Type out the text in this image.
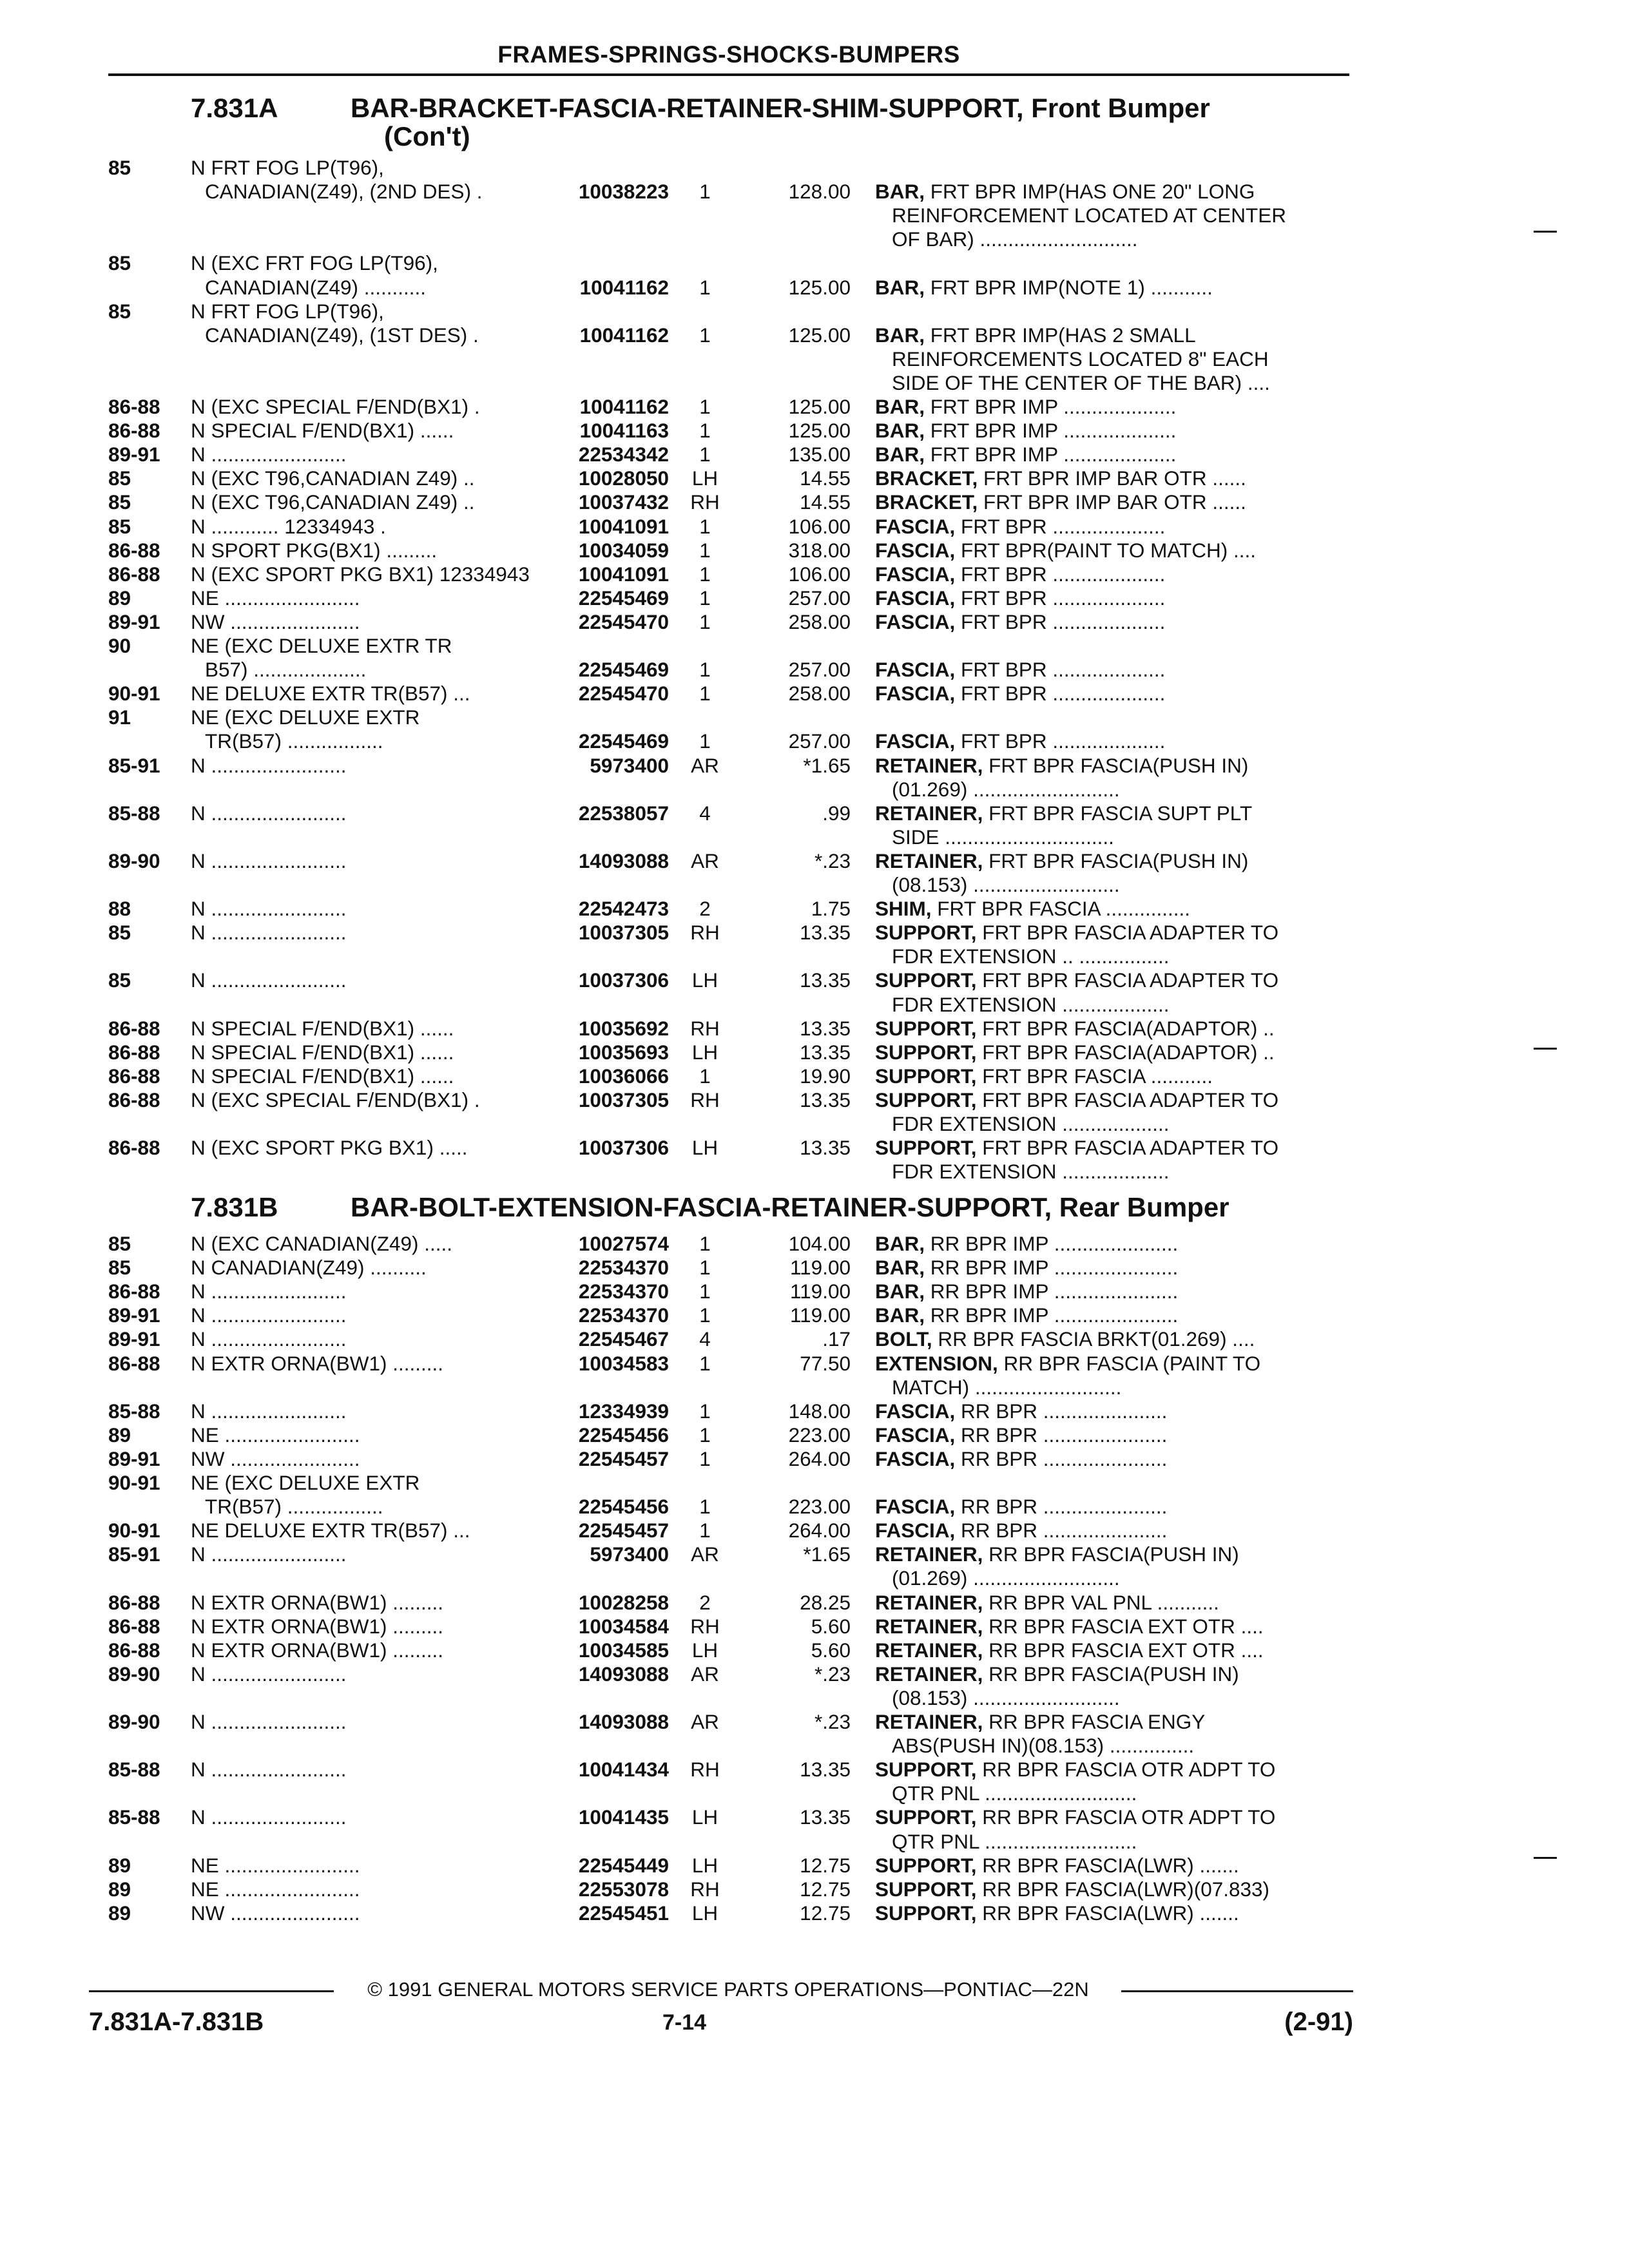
FRAMES-SPRINGS-SHOCKS-BUMPERS
7.831A	BAR-BRACKET-FASCIA-RETAINER-SHIM-SUPPORT, Front Bumper
(Con't)
85	N FRT FOG LP(T96),
CANADIAN(Z49), (2ND DES) .	10038223	1	128.00 BAR, FRT BPR IMP(HAS ONE 20" LONG
REINFORCEMENT LOCATED AT CENTER
OF BAR) ............................
85	N (EXC FRT FOG LP(T96),
CANADIAN(Z49) ...........	10041162	1	125.00 BAR, FRT BPR IMP(NOTE 1) ...........
85	N FRT FOG LP(T96),
CANADIAN(Z49), (1ST DES) .	10041162	1	125.00 BAR, FRT BPR IMP(HAS 2 SMALL
REINFORCEMENTS LOCATED 8" EACH
SIDE OF THE CENTER OF THE BAR) ....
86-88 N (EXC SPECIAL F/END(BX1) .	10041162	1	125.00 BAR, FRT BPR IMP ....................
86-88 N SPECIAL F/END(BX1) ......	10041163	1	125.00 BAR, FRT BPR IMP ....................
89-91 N ........................	22534342	1	135.00 BAR, FRT BPR IMP ....................
85	N (EXC T96,CANADIAN Z49) ..	10028050	LH	14.55 BRACKET, FRT BPR IMP BAR OTR ......
85	N (EXC T96,CANADIAN Z49) ..	10037432 RH	14.55 BRACKET, FRT BPR IMP BAR OTR ......
85	N ............ 12334943 .	10041091	1	106.00 FASCIA, FRT BPR ....................
86-88 N SPORT PKG(BX1) .........	10034059	1	318.00 FASCIA, FRT BPR(PAINT TO MATCH) ....
86-88 N (EXC SPORT PKG BX1) 12334943	10041091	1	106.00 FASCIA, FRT BPR ....................
89	NE ........................	22545469	1	257.00 FASCIA, FRT BPR ....................
89-91 NW .......................	22545470	1	258.00 FASCIA, FRT BPR ....................
90	NE (EXC DELUXE EXTR TR
B57) ....................	22545469	1	257.00 FASCIA, FRT BPR ....................
90-91 NE DELUXE EXTR TR(B57) ...	22545470	1	258.00 FASCIA, FRT BPR ....................
91	NE (EXC DELUXE EXTR
TR(B57) .................	22545469	1	257.00 FASCIA, FRT BPR ....................
85-91 N ........................	5973400	AR	*1.65 RETAINER, FRT BPR FASCIA(PUSH IN)
(01.269) ..........................
85-88 N ........................	22538057	4	.99 RETAINER, FRT BPR FASCIA SUPT PLT
SIDE ..............................
89-90 N ........................	14093088	AR	*.23 RETAINER, FRT BPR FASCIA(PUSH IN)
(08.153) ..........................
88	N ........................	22542473	2	1.75 SHIM, FRT BPR FASCIA ...............
85	N ........................	10037305 RH	13.35 SUPPORT, FRT BPR FASCIA ADAPTER TO
FDR EXTENSION .. ................
85	N ........................	10037306	LH	13.35 SUPPORT, FRT BPR FASCIA ADAPTER TO
FDR EXTENSION ...................
86-88 N SPECIAL F/END(BX1) ......	10035692 RH	13.35 SUPPORT, FRT BPR FASCIA(ADAPTOR) ..
86-88 N SPECIAL F/END(BX1) ......	10035693	LH	13.35 SUPPORT, FRT BPR FASCIA(ADAPTOR) ..
86-88 N SPECIAL F/END(BX1) ......	10036066	1	19.90 SUPPORT, FRT BPR FASCIA ...........
86-88 N (EXC SPECIAL F/END(BX1) .	10037305 RH	13.35 SUPPORT, FRT BPR FASCIA ADAPTER TO
FDR EXTENSION ...................
86-88 N (EXC SPORT PKG BX1) .....	10037306	LH	13.35 SUPPORT, FRT BPR FASCIA ADAPTER TO
FDR EXTENSION ...................
7.831B	BAR-BOLT-EXTENSION-FASCIA-RETAINER-SUPPORT, Rear Bumper
85	N (EXC CANADIAN(Z49) .....	10027574	1	104.00 BAR, RR BPR IMP ......................
85	N CANADIAN(Z49) ..........	22534370	1	119.00 BAR, RR BPR IMP ......................
86-88 N ........................	22534370	1	119.00 BAR, RR BPR IMP ......................
89-91 N ........................	22534370	1	119.00 BAR, RR BPR IMP ......................
89-91 N ........................	22545467	4	.17 BOLT, RR BPR FASCIA BRKT(01.269) ....
86-88 N EXTR ORNA(BW1) .........	10034583	1	77.50 EXTENSION, RR BPR FASCIA (PAINT TO
MATCH) ..........................
85-88 N ........................	12334939	1	148.00 FASCIA, RR BPR ......................
89	NE ........................	22545456	1	223.00 FASCIA, RR BPR ......................
89-91 NW .......................	22545457	1	264.00 FASCIA, RR BPR ......................
90-91 NE (EXC DELUXE EXTR
TR(B57) .................	22545456	1	223.00 FASCIA, RR BPR ......................
90-91 NE DELUXE EXTR TR(B57) ...	22545457	1	264.00 FASCIA, RR BPR ......................
85-91 N ........................	5973400	AR	*1.65 RETAINER, RR BPR FASCIA(PUSH IN)
(01.269) ..........................
86-88 N EXTR ORNA(BW1) .........	10028258	2	28.25 RETAINER, RR BPR VAL PNL ...........
86-88 N EXTR ORNA(BW1) .........	10034584 RH	5.60 RETAINER, RR BPR FASCIA EXT OTR ....
86-88 N EXTR ORNA(BW1) .........	10034585	LH	5.60 RETAINER, RR BPR FASCIA EXT OTR ....
89-90 N ........................	14093088	AR	*.23 RETAINER, RR BPR FASCIA(PUSH IN)
(08.153) ..........................
89-90 N ........................	14093088	AR	*.23 RETAINER, RR BPR FASCIA ENGY
ABS(PUSH IN)(08.153) ...............
85-88 N ........................	10041434 RH	13.35 SUPPORT, RR BPR FASCIA OTR ADPT TO
QTR PNL ...........................
85-88 N ........................	10041435	LH	13.35 SUPPORT, RR BPR FASCIA OTR ADPT TO
QTR PNL ...........................
89	NE ........................	22545449	LH	12.75 SUPPORT, RR BPR FASCIA(LWR) .......
89	NE ........................	22553078 RH	12.75 SUPPORT, RR BPR FASCIA(LWR)(07.833)
89	NW .......................	22545451	LH	12.75 SUPPORT, RR BPR FASCIA(LWR) .......
© 1991 GENERAL MOTORS SERVICE PARTS OPERATIONS—PONTIAC—22N
7.831A-7.831B	7-14	(2-91)
